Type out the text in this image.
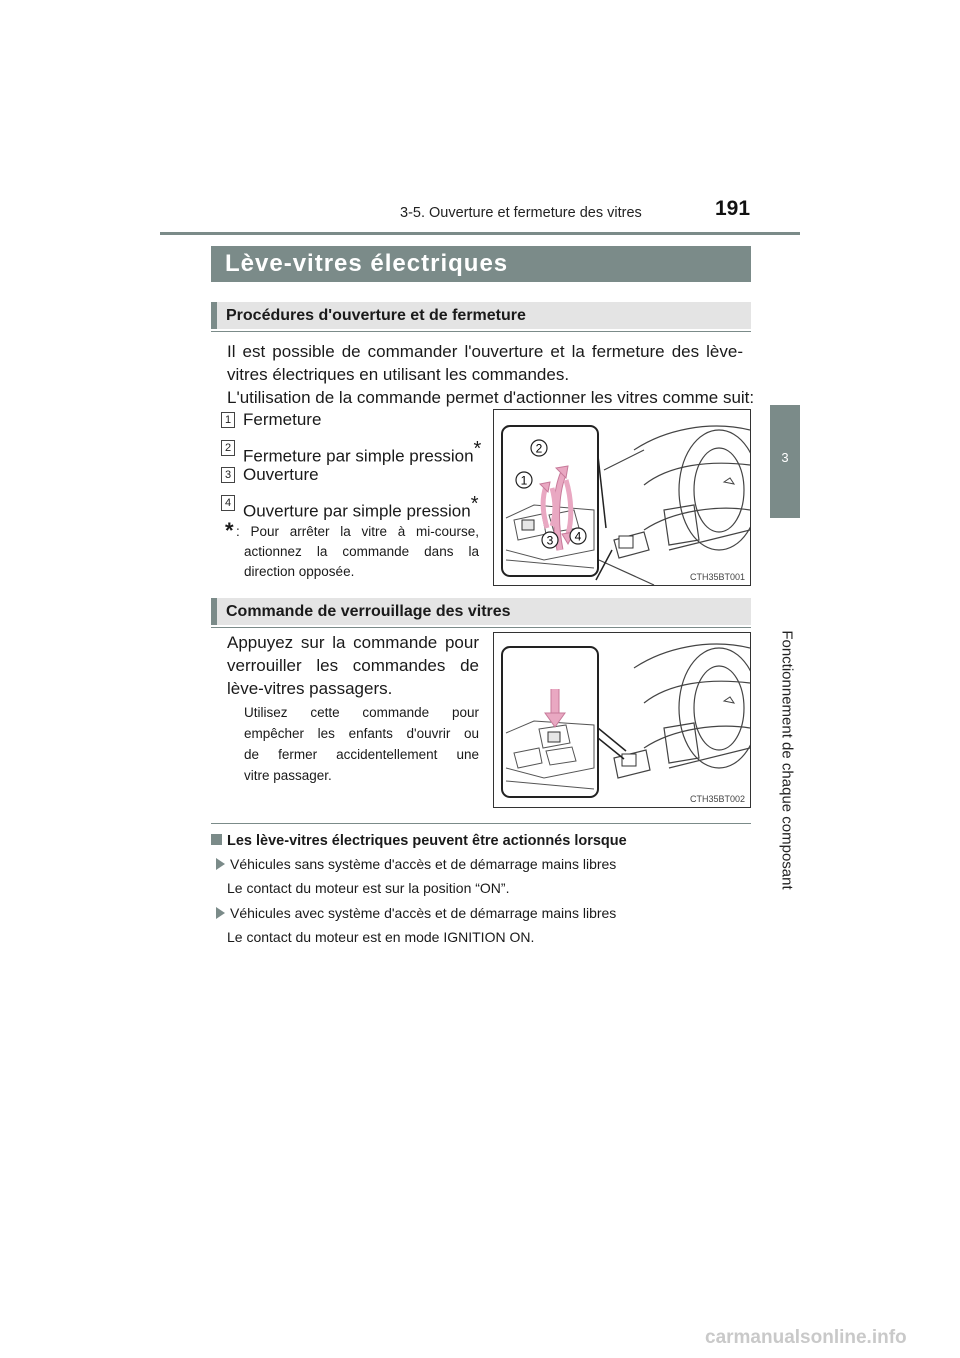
3-5. Ouverture et fermeture des vitres	191
3
Fonctionnement de chaque composant
Lève-vitres électriques
Procédures d'ouverture et de fermeture
Il est possible de commander l'ouverture et la fermeture des lève-
vitres électriques en utilisant les commandes.
L'utilisation de la commande permet d'actionner les vitres comme suit:
1 Fermeture
2 Fermeture par simple pression*
3 Ouverture
4 Ouverture par simple pression*
* : Pour arrêter la vitre à mi-course,
actionnez la commande dans la
direction opposée.
1
2
3 4
CTH35BT001
Commande de verrouillage des vitres
Appuyez sur la commande pour
verrouiller les commandes de
lève-vitres passagers.
Utilisez cette commande pour
empêcher les enfants d'ouvrir ou
de fermer accidentellement une
vitre passager.
CTH35BT002
Les lève-vitres électriques peuvent être actionnés lorsque
Véhicules sans système d'accès et de démarrage mains libres
Le contact du moteur est sur la position “ON”.
Véhicules avec système d'accès et de démarrage mains libres
Le contact du moteur est en mode IGNITION ON.
carmanualsonline.info
